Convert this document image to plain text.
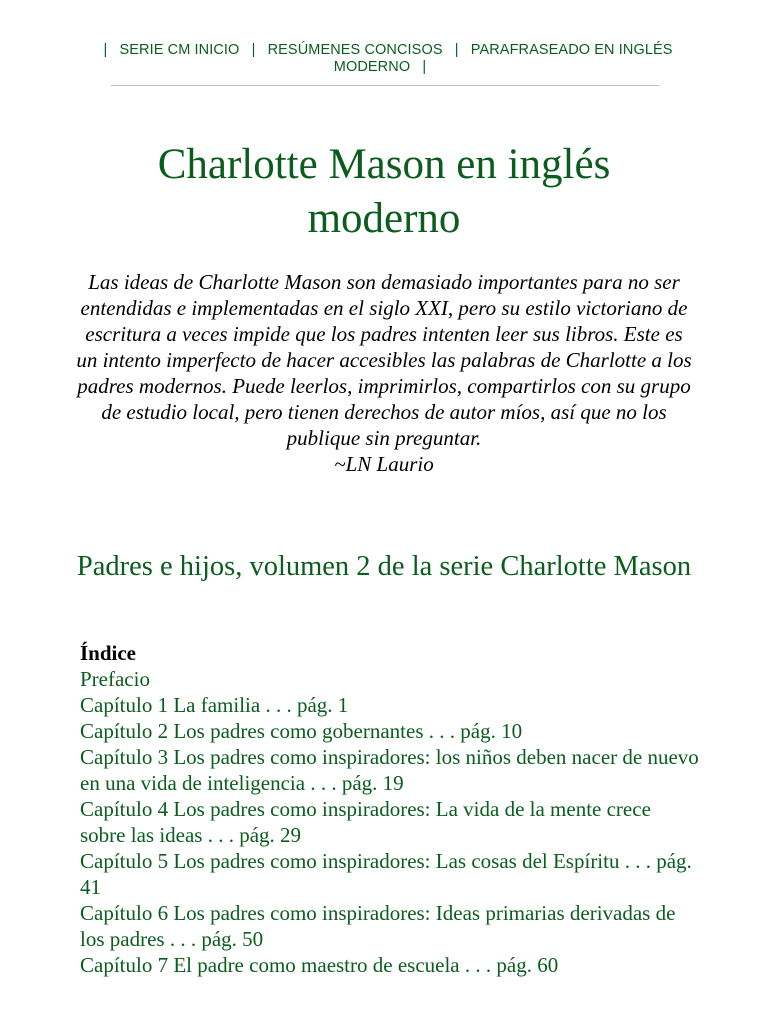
| SERIE CM INICIO | RESÚMENES CONCISOS | PARAFRASEADO EN INGLÉS MODERNO |
Charlotte Mason en inglés moderno
Las ideas de Charlotte Mason son demasiado importantes para no ser entendidas e implementadas en el siglo XXI, pero su estilo victoriano de escritura a veces impide que los padres intenten leer sus libros. Este es un intento imperfecto de hacer accesibles las palabras de Charlotte a los padres modernos. Puede leerlos, imprimirlos, compartirlos con su grupo de estudio local, pero tienen derechos de autor míos, así que no los publique sin preguntar.
~LN Laurio
Padres e hijos, volumen 2 de la serie Charlotte Mason
Índice
Prefacio
Capítulo 1 La familia . . . pág. 1
Capítulo 2 Los padres como gobernantes . . . pág. 10
Capítulo 3 Los padres como inspiradores: los niños deben nacer de nuevo en una vida de inteligencia . . . pág. 19
Capítulo 4 Los padres como inspiradores: La vida de la mente crece sobre las ideas . . . pág. 29
Capítulo 5 Los padres como inspiradores: Las cosas del Espíritu . . . pág. 41
Capítulo 6 Los padres como inspiradores: Ideas primarias derivadas de los padres . . . pág. 50
Capítulo 7 El padre como maestro de escuela . . . pág. 60
